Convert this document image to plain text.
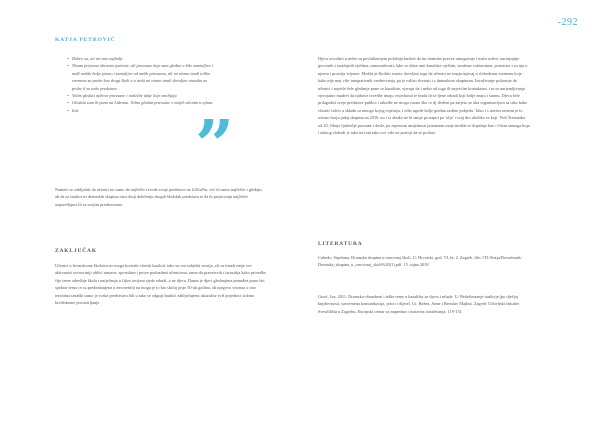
-292
KATJA PETROVIĆ
• Dobro sa, ali mi smo najbolji.
• Nisam prejosno obrazno patriote, ali pravsane koje sam gledao u bile zaminljive i nuđi molda bolje pismo i zaninljive od naših pravaana, ali mi nismo imali toliko vremena za probe kao drugi školi u a niski mi nismo imali dovoljne nismika za probe il za neke predstave.
• Volim gledati njihove pravsane i različite takje koje smilijaju.
• Gledala sam ih puno na Lidranu. Volim gledati pravsane s ostijih učenim u njima.
• Ind.	”

Namete se zaključak da učenici ne samo da najčešće izvode svoje predstave na LiDraNu, već ih samo najčešće i gledaju, ali da ni studiovici dramskih skupina niza dosji delečenju drugih školskih predstava te da ih projeciraju najčešće uspoređujuci ih sa svojim predstavama.

ZAKLJUČAK

Učenici u hrvatskome školstvu ne mogu koristiti vlastiti kurikul, tako su oni subjekti teorija, ali su istraživanje sve aktivnosti osvoortniji oblici nastave, sportskim i posve poduzdeni učenicima, samo da pravstevih i izrazitija kako privedbe čije teme određuje škola i natječanja u čijim izvijma sjede odraži, a ne djeca. Danas je djeci gledanjima ponuđen puno širi spektar tema ce su predindanjena u envorentiji na mogu je to bio slučaj prije 50-ak godina, ali njegovo sviznaa o ono teranima iznaški samo je svaka predstvaru bili u tako se odguja budući zaključujemi ukazalise sviš pojedinci sidona kreiliskome prostoirljanje.

Djeca izvodaći u nešto su povlaštenijem položaju budući da im dramske prevee omogućuje i malu uslive, narrujnjuje govornih i izražajnih vještina, samostalnosti, lako se obite rani kazaliste vještini, izražene važnostima, potencira i za nju u njemu i prostiju vrijeme. Mošda je školski sustav dovoljno toga da učenici ne imaju utjecaj u slobodrmu vremenu koje kako nije maj više integrativnih vrednovanja, pa je valizo shvirati i s dramskom skupinom. Istraživanje pokazuje da učenici i najviše žele gledanje puno se kazaliste, vjeruju da i nešto od toga ili najvećim kontaktom, i tu se narjemljivanja vjerojatno mudeći da njihove izvedbe imaju vrijednosti te leada ih se ljene odradi koji bolje znaju i stranu. Djeca žele prilagoditi svoje predstave publici i također ne mogu vazno ško ce dj iledeni pa zaijeso se uka organizacijem sa tako kako vlastiti volito u skladu sa mnogo kojeg osjećaju, i vdio ugođe bolje godina rasline pobjeda. Tako i s novim ravnim je to ovisno broju jadaj skupina na 2016. no i iz obuke ne bi smije po napiti po 'olju' i svoj dio ukoliko se koji. Vidi Trenutaka od 20, Obuje ljubitelje posoane i dasle, po mjernom umjetnosti poznatom moje možda se dopaluje kao i Osim samoga boja i tačnog slobodi je tako na tom tako sve više ne postoji da se prolazi.

LITERATURA

Cubedo, Snježana. Dramska skupina u osnovnoj školi. U: Hrvatski, god. VI, br. 2. Zagreb. file:///D:/Katja/Downloads/ Dramska_skupina_u_osnovnoj_skoli%20(1).pdf. 15. rujna 2018.

Gruić, Iva. 2011. Dramsko-obrazbeni i teške teme u kazalištu za djecu i mlade. U: Redefiniranje tradicije (po dječjoj književnosti, suvremena komunikacija, jezici i dijete). Ur. Bežen, Anne i Berislav Majhut. Zagreb: Učiteljski fakultet Sveučilišta u Zagrebu, Europski centar za napredna i sustavna istraživanja. 119-131.
